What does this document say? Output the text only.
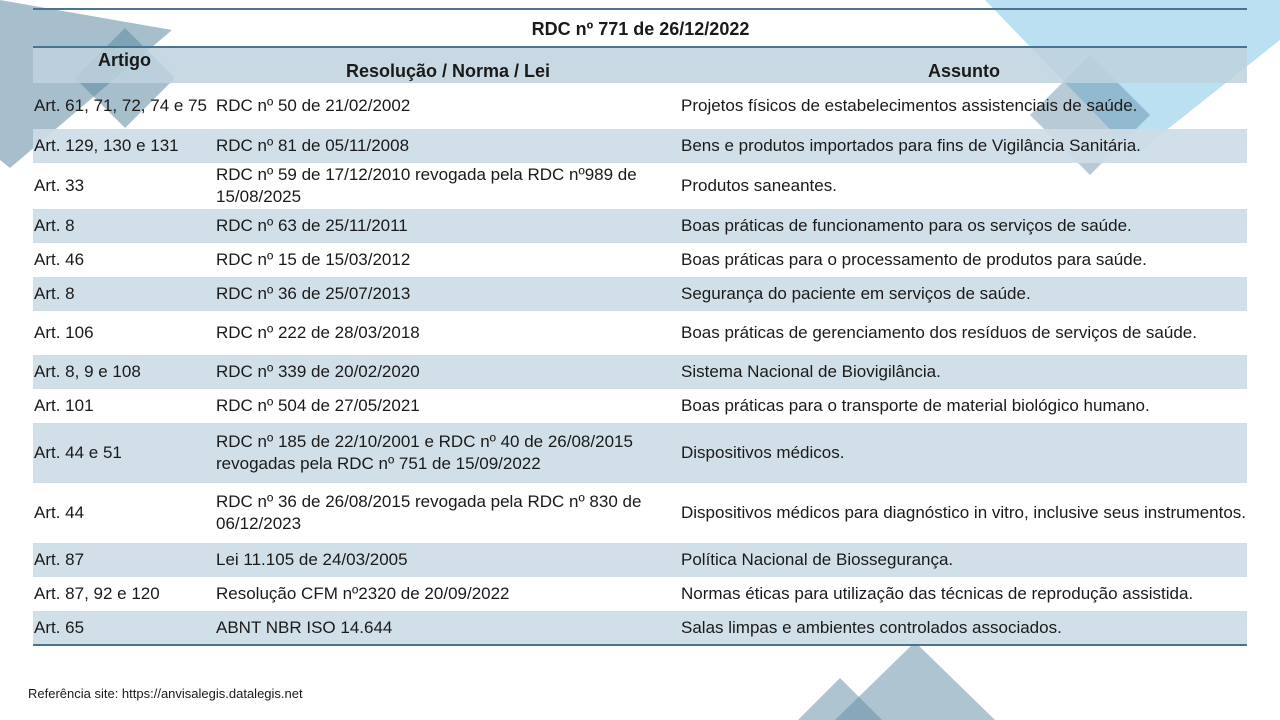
RDC nº 771 de 26/12/2022		
Artigo	Resolução / Norma / Lei	Assunto
Art. 61, 71, 72, 74 e 75	RDC nº 50 de 21/02/2002	Projetos físicos de estabelecimentos assistenciais de saúde.
Art. 129, 130 e 131	RDC nº 81 de 05/11/2008	Bens e produtos importados para fins de Vigilância Sanitária.
Art. 33	RDC nº 59 de 17/12/2010 revogada pela RDC nº989 de 15/08/2025	Produtos saneantes.
Art. 8	RDC nº 63 de 25/11/2011	Boas práticas de funcionamento para os serviços de saúde.
Art. 46	RDC nº 15 de 15/03/2012	Boas práticas para o processamento de produtos para saúde.
Art. 8	RDC nº 36 de 25/07/2013	Segurança do paciente em serviços de saúde.
Art. 106	RDC nº 222 de 28/03/2018	Boas práticas de gerenciamento dos resíduos de serviços de saúde.
Art. 8, 9 e 108	RDC nº 339 de 20/02/2020	Sistema Nacional de Biovigilância.
Art. 101	RDC nº 504 de 27/05/2021	Boas práticas para o transporte de material biológico humano.
Art. 44 e 51	RDC nº 185 de 22/10/2001 e RDC nº 40 de 26/08/2015 revogadas pela RDC nº 751 de 15/09/2022	Dispositivos médicos.
Art. 44	RDC nº 36 de 26/08/2015 revogada pela RDC nº 830 de 06/12/2023	Dispositivos médicos para diagnóstico in vitro, inclusive seus instrumentos.
Art. 87	Lei 11.105 de 24/03/2005	Política Nacional de Biossegurança.
Art. 87, 92 e 120	Resolução CFM nº2320 de 20/09/2022	Normas éticas para utilização das técnicas de reprodução assistida.
Art. 65	ABNT NBR ISO 14.644	Salas limpas e ambientes controlados associados.
Referência site: https://anvisalegis.datalegis.net
